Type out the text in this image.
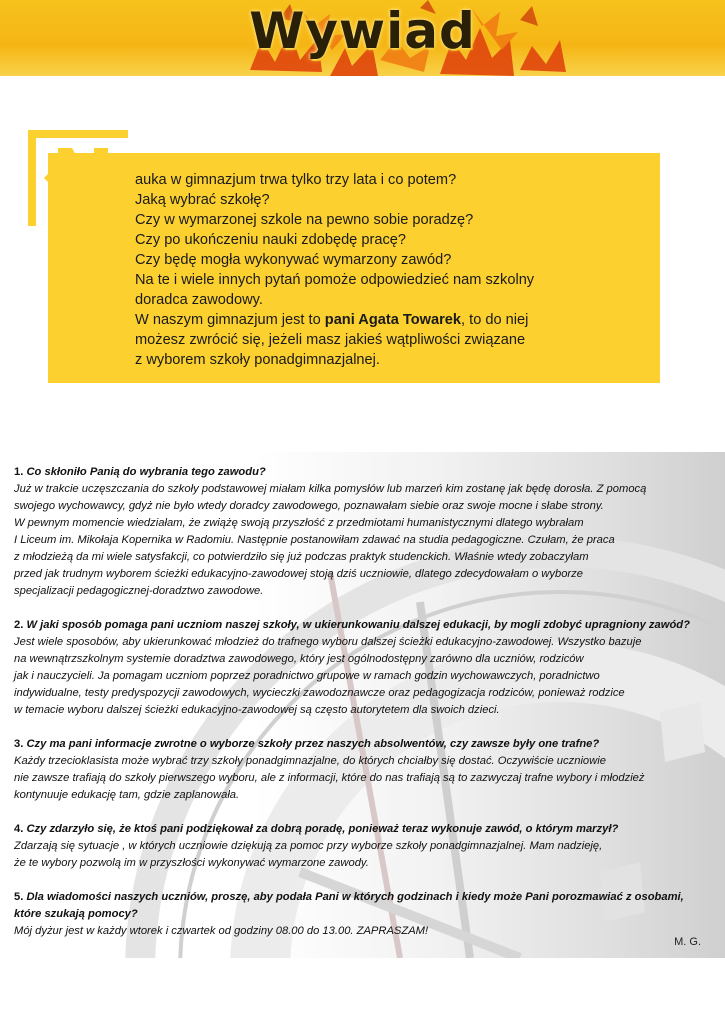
Wywiad
auka w gimnazjum trwa tylko trzy lata i co potem?
Jaką wybrać szkołę?
Czy w wymarzonej szkole na pewno sobie poradzę?
Czy po ukończeniu nauki zdobędę pracę?
Czy będę mogła wykonywać wymarzony zawód?
Na te i wiele innych pytań pomoże odpowiedzieć nam szkolny
doradca zawodowy.
W naszym gimnazjum jest to pani Agata Towarek, to do niej
możesz zwrócić się, jeżeli masz jakieś wątpliwości związane
z wyborem szkoły ponadgimnazjalnej.
1. Co skłoniło Panią do wybrania tego zawodu?
Już w trakcie uczęszczania do szkoły podstawowej miałam kilka pomysłów lub marzeń kim zostanę jak będę dorosła. Z pomocą
swojego wychowawcy, gdyż nie było wtedy doradcy zawodowego, poznawałam siebie oraz swoje mocne i słabe strony.
W pewnym momencie wiedziałam, że zwiążę swoją przyszłość z przedmiotami humanistycznymi dlatego wybrałam
I Liceum im. Mikołaja Kopernika w Radomiu. Następnie postanowiłam zdawać na studia pedagogiczne. Czułam, że praca
z młodzieżą da mi wiele satysfakcji, co potwierdziło się już podczas praktyk studenckich. Właśnie wtedy zobaczyłam
przed jak trudnym wyborem ścieżki edukacyjno-zawodowej stoją dziś uczniowie, dlatego zdecydowałam o wyborze
specjalizacji pedagogicznej-doradztwo zawodowe.
2. W jaki sposób pomaga pani uczniom naszej szkoły, w ukierunkowaniu dalszej edukacji, by mogli zdobyć upragniony zawód?
Jest wiele sposobów, aby ukierunkować młodzież do trafnego wyboru dalszej ścieżki edukacyjno-zawodowej. Wszystko bazuje
na wewnątrzszkolnym systemie doradztwa zawodowego, który jest ogólnodostępny zarówno dla uczniów, rodziców
jak i nauczycieli. Ja pomagam uczniom poprzez poradnictwo grupowe w ramach godzin wychowawczych, poradnictwo
indywidualne, testy predyspozycji zawodowych, wycieczki zawodoznawcze oraz pedagogizacja rodziców, ponieważ rodzice
w temacie wyboru dalszej ścieżki edukacyjno-zawodowej są często autorytetem dla swoich dzieci.
3. Czy ma pani informacje zwrotne o wyborze szkoły przez naszych absolwentów, czy zawsze były one trafne?
Każdy trzecioklasista może wybrać trzy szkoły ponadgimnazjalne, do których chciałby się dostać. Oczywiście uczniowie
nie zawsze trafiają do szkoły pierwszego wyboru, ale z informacji, które do nas trafiają są to zazwyczaj trafne wybory i młodzież
kontynuuje edukację tam, gdzie zaplanowała.
4. Czy zdarzyło się, że ktoś pani podziękował za dobrą poradę, ponieważ teraz wykonuje zawód, o którym marzył?
Zdarzają się sytuacje , w których uczniowie dziękują za pomoc przy wyborze szkoły ponadgimnazjalnej. Mam nadzieję,
że te wybory pozwolą im w przyszłości wykonywać wymarzone zawody.
5. Dla wiadomości naszych uczniów, proszę, aby podała Pani w których godzinach i kiedy może Pani porozmawiać z osobami,
które szukają pomocy?
Mój dyżur jest w każdy wtorek i czwartek od godziny 08.00 do 13.00. ZAPRASZAM!
M. G.
